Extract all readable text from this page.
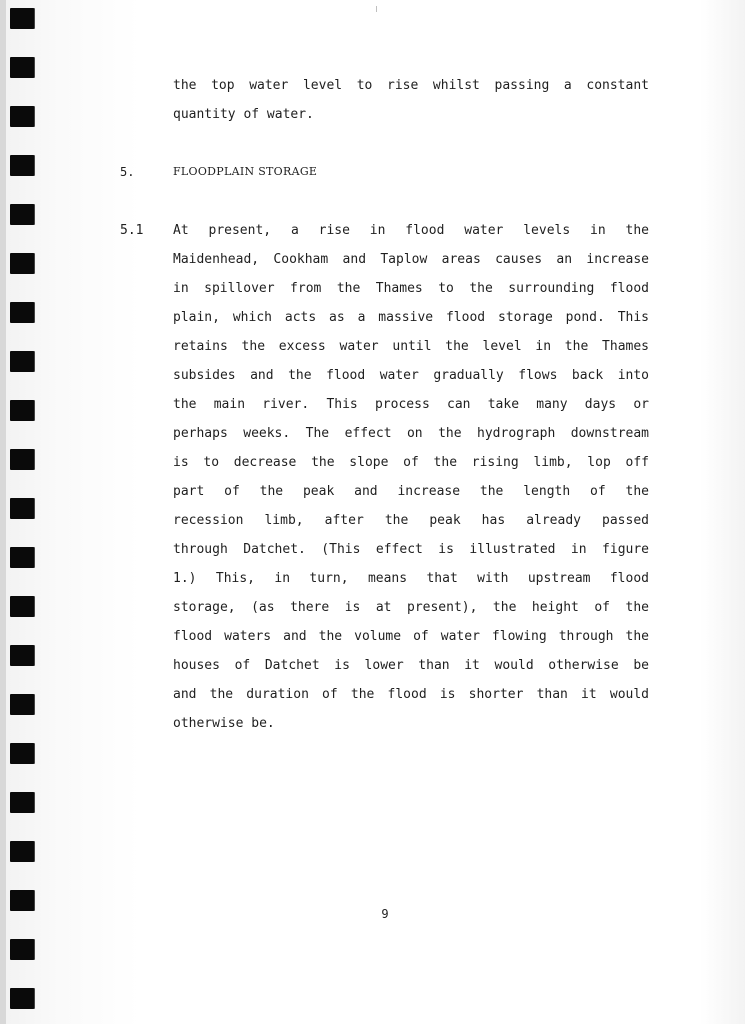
the top water level to rise whilst passing a constant
quantity of water.
5.	FLOODPLAIN STORAGE
5.1 At present, a rise in flood water levels in the
Maidenhead, Cookham and Taplow areas causes an increase
in spillover from the Thames to the surrounding flood
plain, which acts as a massive flood storage pond. This
retains the excess water until the level in the Thames
subsides and the flood water gradually flows back into
the main river. This process can take many days or
perhaps weeks. The effect on the hydrograph downstream
is to decrease the slope of the rising limb, lop off
part of the peak and increase the length of the
recession limb, after the peak has already passed
through Datchet. (This effect is illustrated in figure
1.) This, in turn, means that with upstream flood
storage, (as there is at present), the height of the
flood waters and the volume of water flowing through the
houses of Datchet is lower than it would otherwise be
and the duration of the flood is shorter than it would
otherwise be.
9
